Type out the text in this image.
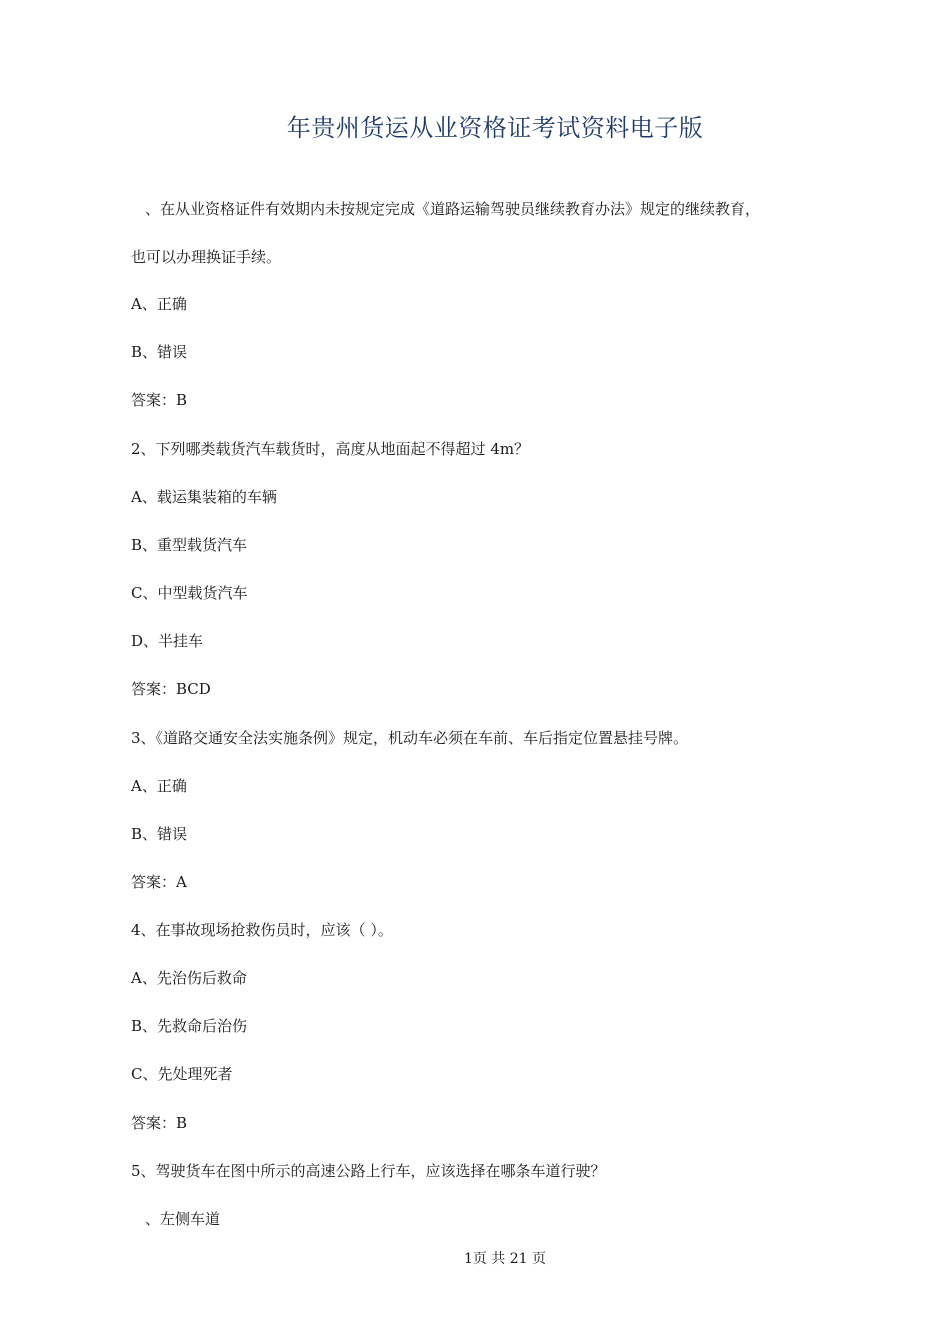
年贵州货运从业资格证考试资料电子版
、在从业资格证件有效期内未按规定完成《道路运输驾驶员继续教育办法》规定的继续教育，
也可以办理换证手续。
A、正确
B、错误
答案：B
2、下列哪类载货汽车载货时，高度从地面起不得超过 4m？
A、载运集装箱的车辆
B、重型载货汽车
C、中型载货汽车
D、半挂车
答案：BCD
3、《道路交通安全法实施条例》规定，机动车必须在车前、车后指定位置悬挂号牌。
A、正确
B、错误
答案：A
4、在事故现场抢救伤员时，应该（ ）。
A、先治伤后救命
B、先救命后治伤
C、先处理死者
答案：B
5、驾驶货车在图中所示的高速公路上行车，应该选择在哪条车道行驶？
、左侧车道
1页 共 21 页
